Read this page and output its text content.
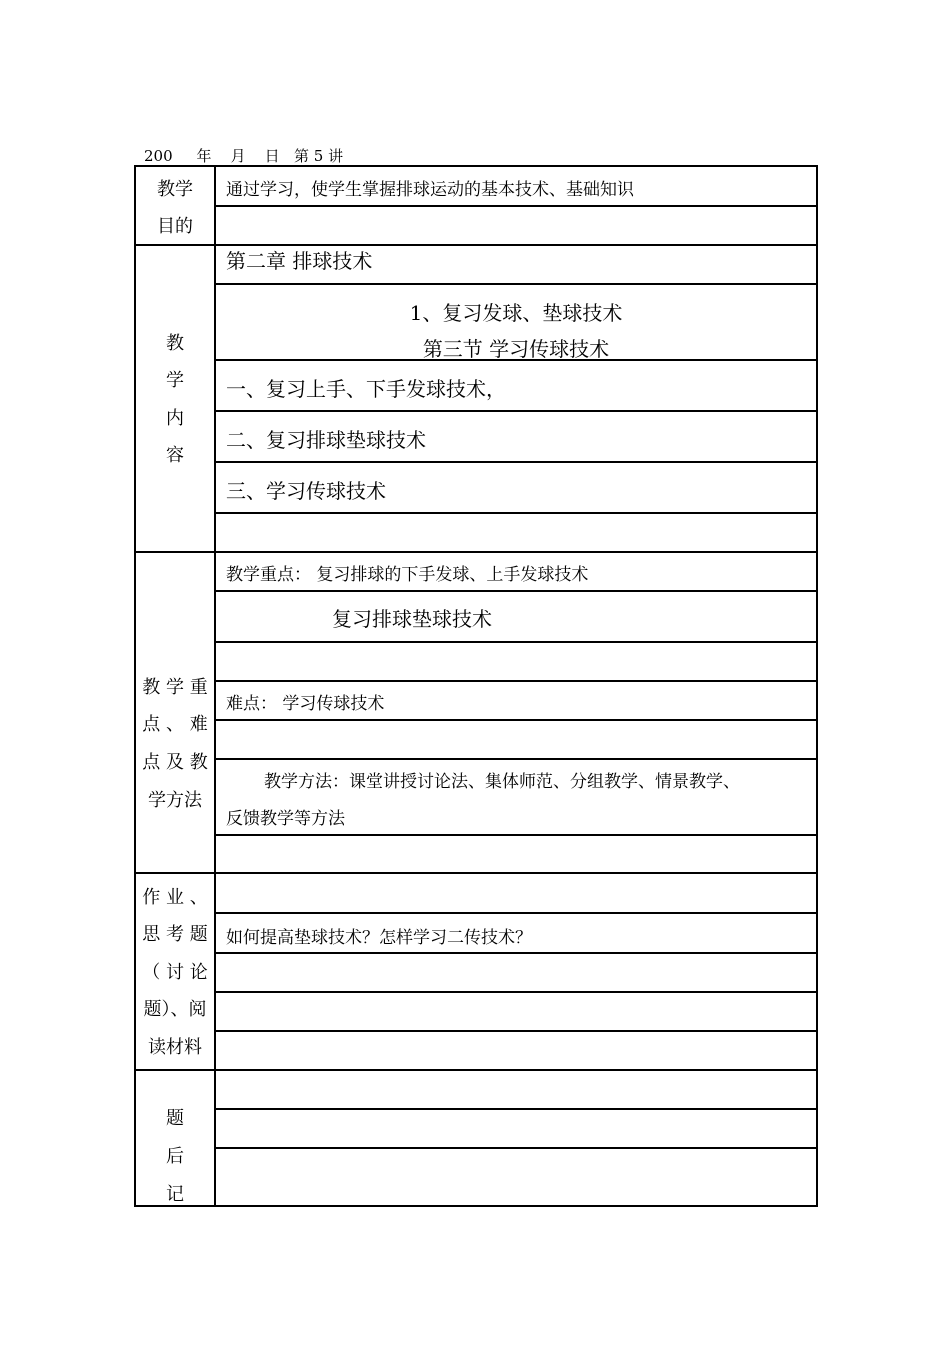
200 年 月 日 第 5 讲
教学
目的
教
学
内
容
教 学 重
点 、 难
点 及 教
学方法
作 业 、
思 考 题
（ 讨 论
题）、阅
读材料
题
后
记
通过学习，使学生掌握排球运动的基本技术、基础知识
第二章 排球技术
1、复习发球、垫球技术
第三节 学习传球技术
一、复习上手、下手发球技术，
二、复习排球垫球技术
三、学习传球技术
教学重点： 复习排球的下手发球、上手发球技术
复习排球垫球技术
难点： 学习传球技术
教学方法：课堂讲授讨论法、集体师范、分组教学、情景教学、
反馈教学等方法
如何提高垫球技术？怎样学习二传技术？
